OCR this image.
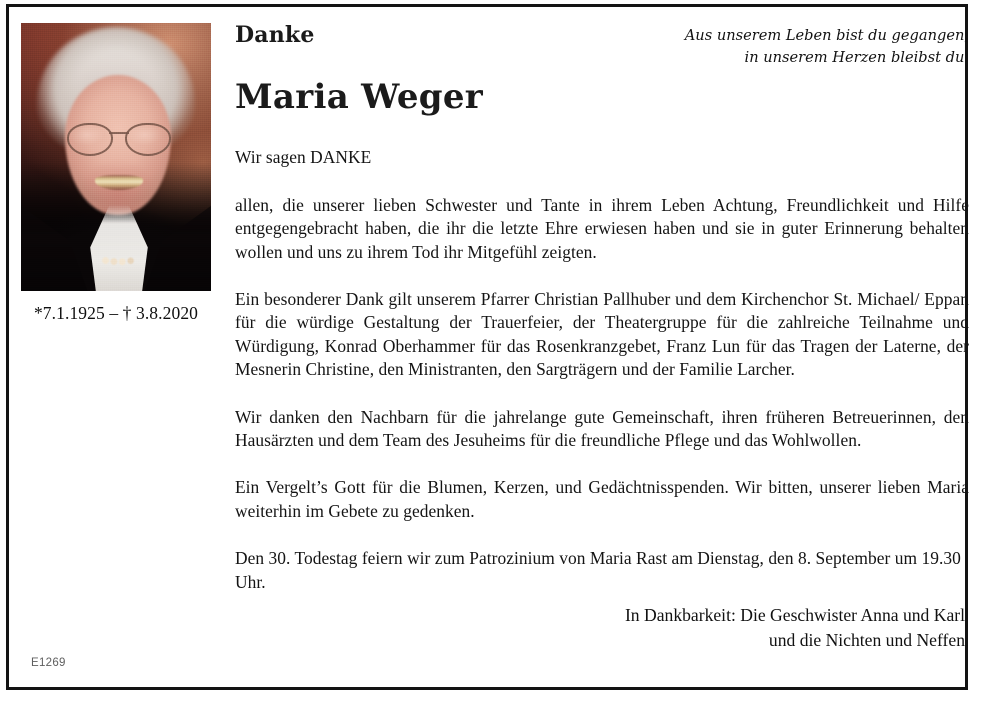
*7.1.1925 – † 3.8.2020
Danke	Aus unserem Leben bist du gegangen,
in unserem Herzen bleibst du.
Maria Weger

Wir sagen DANKE

allen, die unserer lieben Schwester und Tante in ihrem Leben Achtung, Freundlichkeit und Hilfe entgegengebracht haben, die ihr die letzte Ehre erwiesen haben und sie in guter Erinnerung behalten wollen und uns zu ihrem Tod ihr Mitgefühl zeigten.

Ein besonderer Dank gilt unserem Pfarrer Christian Pallhuber und dem Kirchenchor St. Michael/ Eppan für die würdige Gestaltung der Trauerfeier, der Theatergruppe für die zahlreiche Teilnahme und Würdigung, Konrad Oberhammer für das Rosenkranzgebet, Franz Lun für das Tragen der Laterne, der Mesnerin Christine, den Ministranten, den Sargträgern und der Familie Larcher.

Wir danken den Nachbarn für die jahrelange gute Gemeinschaft, ihren früheren Betreuerinnen, den Hausärzten und dem Team des Jesuheims für die freundliche Pflege und das Wohlwollen.

Ein Vergelt’s Gott für die Blumen, Kerzen, und Gedächtnisspenden. Wir bitten, unserer lieben Maria weiterhin im Gebete zu gedenken.

Den 30. Todestag feiern wir zum Patrozinium von Maria Rast am Dienstag, den 8. September um 19.30 Uhr.

In Dankbarkeit: Die Geschwister Anna und Karl
und die Nichten und Neffen
E1269
